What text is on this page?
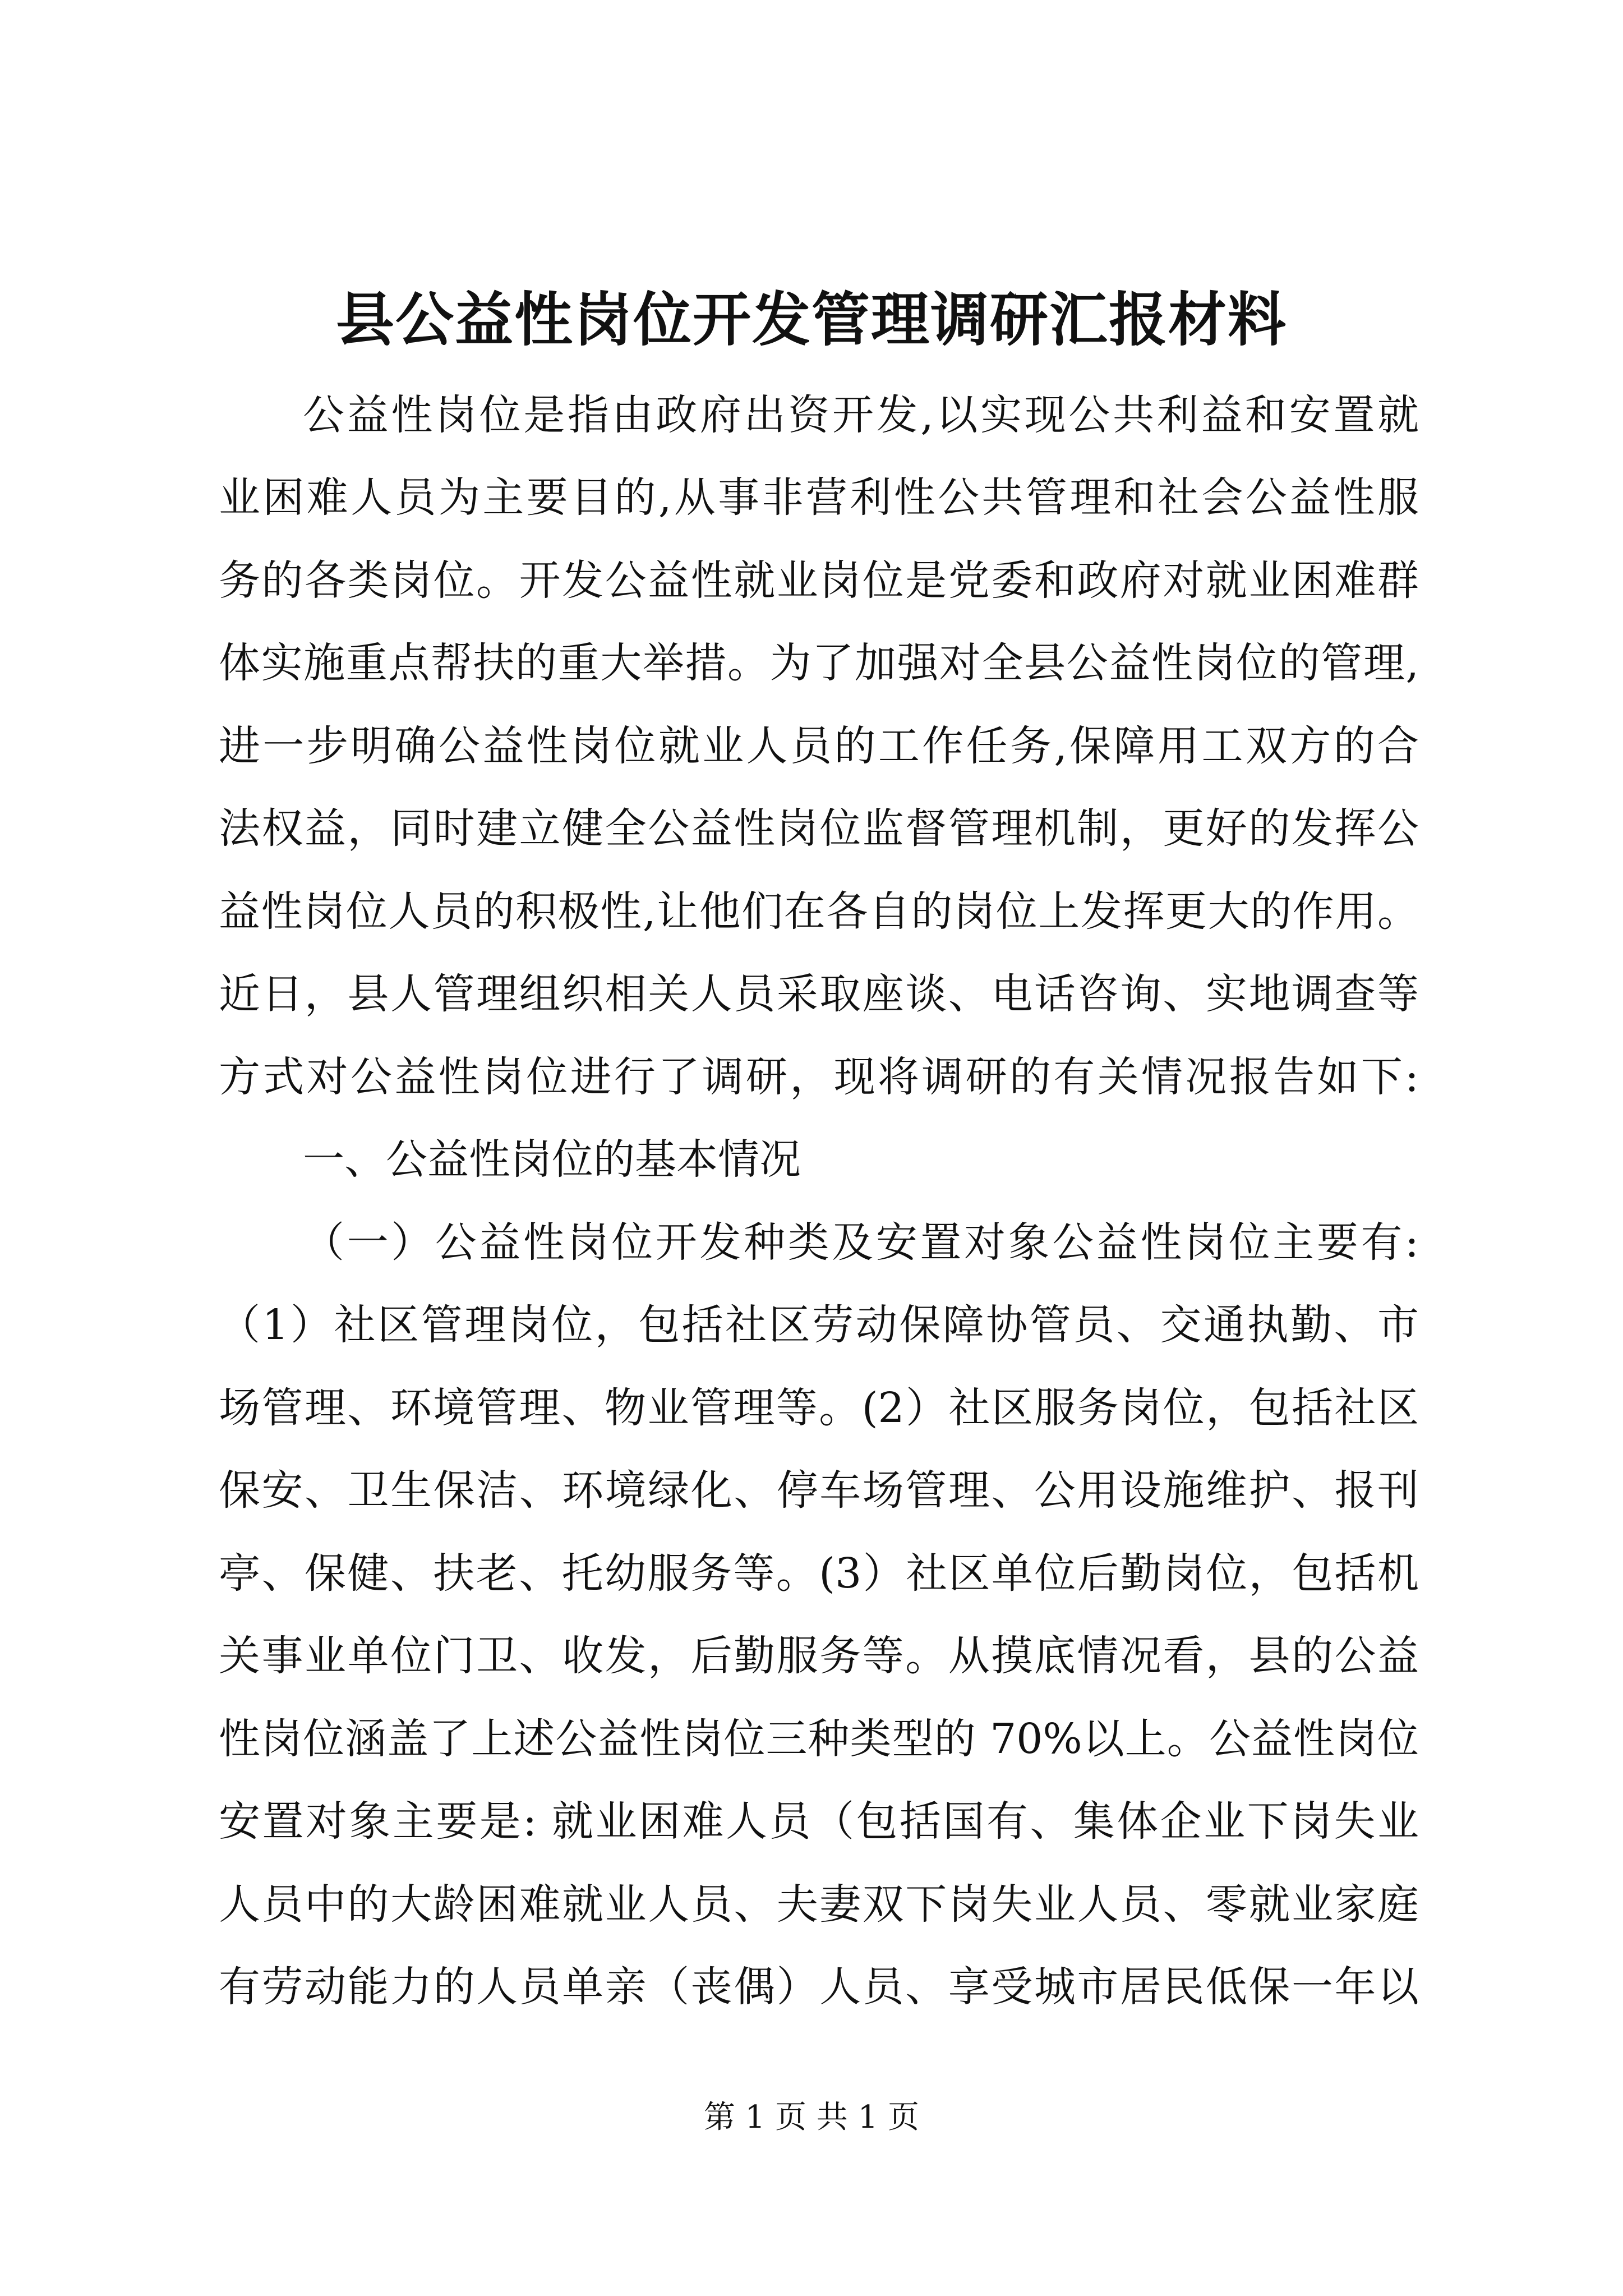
县公益性岗位开发管理调研汇报材料
公益性岗位是指由政府出资开发,以实现公共利益和安置就
业困难人员为主要目的,从事非营利性公共管理和社会公益性服
务的各类岗位。开发公益性就业岗位是党委和政府对就业困难群
体实施重点帮扶的重大举措。为了加强对全县公益性岗位的管理,
进一步明确公益性岗位就业人员的工作任务,保障用工双方的合
法权益，同时建立健全公益性岗位监督管理机制，更好的发挥公
益性岗位人员的积极性,让他们在各自的岗位上发挥更大的作用。
近日，县人管理组织相关人员采取座谈、电话咨询、实地调查等
方式对公益性岗位进行了调研，现将调研的有关情况报告如下:
一、公益性岗位的基本情况
（一）公益性岗位开发种类及安置对象公益性岗位主要有:
（1）社区管理岗位，包括社区劳动保障协管员、交通执勤、市
场管理、环境管理、物业管理等。(2）社区服务岗位，包括社区
保安、卫生保洁、环境绿化、停车场管理、公用设施维护、报刊
亭、保健、扶老、托幼服务等。(3）社区单位后勤岗位，包括机
关事业单位门卫、收发，后勤服务等。从摸底情况看，县的公益
性岗位涵盖了上述公益性岗位三种类型的 70%以上。公益性岗位
安置对象主要是: 就业困难人员（包括国有、集体企业下岗失业
人员中的大龄困难就业人员、夫妻双下岗失业人员、零就业家庭
有劳动能力的人员单亲（丧偶）人员、享受城市居民低保一年以
第 1 页 共 1 页
